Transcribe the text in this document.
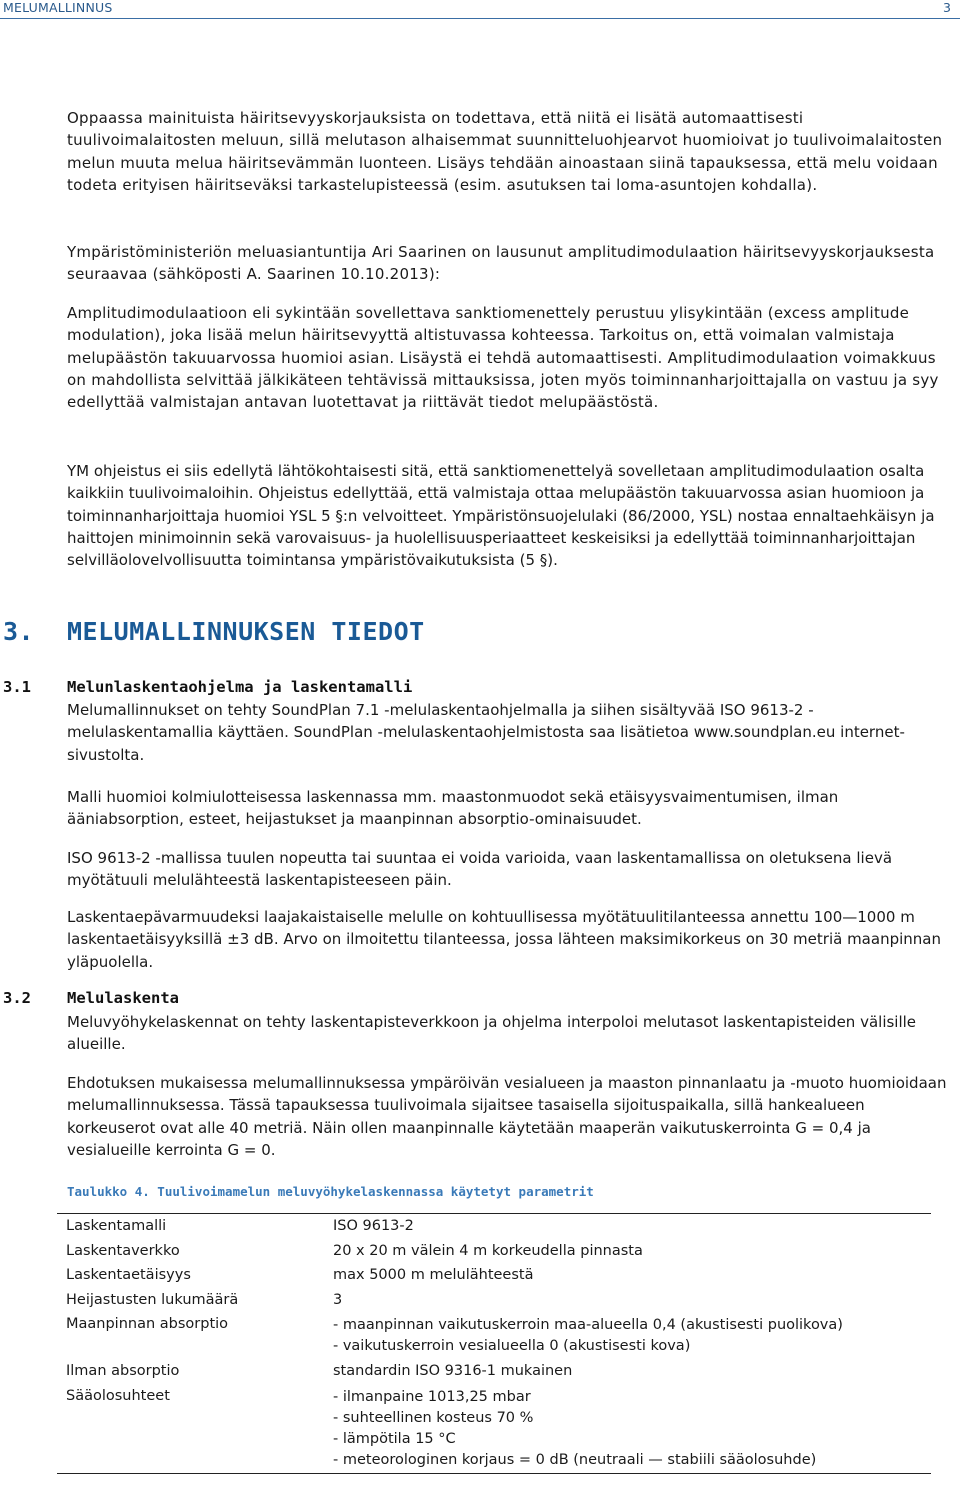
MELUMALLINNUS	3

Oppaassa mainituista häiritsevyyskorjauksista on todettava, että niitä ei lisätä automaattisesti tuulivoimalaitosten meluun, sillä melutason alhaisemmat suunnitteluohjearvot huomioivat jo tuulivoimalaitosten melun muuta melua häiritsevämmän luonteen. Lisäys tehdään ainoastaan siinä tapauksessa, että melu voidaan todeta erityisen häiritseväksi tarkastelupisteessä (esim. asutuksen tai loma-asuntojen kohdalla).

Ympäristöministeriön meluasiantuntija Ari Saarinen on lausunut amplitudimodulaation häiritsevyyskorjauksesta seuraavaa (sähköposti A. Saarinen 10.10.2013):

Amplitudimodulaatioon eli sykintään sovellettava sanktiomenettely perustuu ylisykintään (excess amplitude modulation), joka lisää melun häiritsevyyttä altistuvassa kohteessa. Tarkoitus on, että voimalan valmistaja melupäästön takuuarvossa huomioi asian. Lisäystä ei tehdä automaattisesti. Amplitudimodulaation voimakkuus on mahdollista selvittää jälkikäteen tehtävissä mittauksissa, joten myös toiminnanharjoittajalla on vastuu ja syy edellyttää valmistajan antavan luotettavat ja riittävät tiedot melupäästöstä.

YM ohjeistus ei siis edellytä lähtökohtaisesti sitä, että sanktiomenettelyä sovelletaan amplitudimodulaation osalta kaikkiin tuulivoimaloihin. Ohjeistus edellyttää, että valmistaja ottaa melupäästön takuuarvossa asian huomioon ja toiminnanharjoittaja huomioi YSL 5 §:n velvoitteet. Ympäristönsuojelulaki (86/2000, YSL) nostaa ennaltaehkäisyn ja haittojen minimoinnin sekä varovaisuus- ja huolellisuusperiaatteet keskeisiksi ja edellyttää toiminnanharjoittajan selvilläolovelvollisuutta toimintansa ympäristövaikutuksista (5 §).

3. MELUMALLINNUKSEN TIEDOT
3.1 Melunlaskentaohjelma ja laskentamalli

Melumallinnukset on tehty SoundPlan 7.1 -melulaskentaohjelmalla ja siihen sisältyvää ISO 9613-2 -melulaskentamallia käyttäen. SoundPlan -melulaskentaohjelmistosta saa lisätietoa www.soundplan.eu internet-sivustolta.

Malli huomioi kolmiulotteisessa laskennassa mm. maastonmuodot sekä etäisyysvaimentumisen, ilman ääniabsorption, esteet, heijastukset ja maanpinnan absorptio-ominaisuudet.

ISO 9613-2 -mallissa tuulen nopeutta tai suuntaa ei voida varioida, vaan laskentamallissa on oletuksena lievä myötätuuli melulähteestä laskentapisteeseen päin.

Laskentaepävarmuudeksi laajakaistaiselle melulle on kohtuullisessa myötätuulitilanteessa annettu 100—1000 m laskentaetäisyyksillä ±3 dB. Arvo on ilmoitettu tilanteessa, jossa lähteen maksimikorkeus on 30 metriä maanpinnan yläpuolella.

3.2 Melulaskenta

Meluvyöhykelaskennat on tehty laskentapisteverkkoon ja ohjelma interpoloi melutasot laskentapisteiden välisille alueille.

Ehdotuksen mukaisessa melumallinnuksessa ympäröivän vesialueen ja maaston pinnanlaatu ja -muoto huomioidaan melumallinnuksessa. Tässä tapauksessa tuulivoimala sijaitsee tasaisella sijoituspaikalla, sillä hankealueen korkeuserot ovat alle 40 metriä. Näin ollen maanpinnalle käytetään maaperän vaikutuskerrointa G = 0,4 ja vesialueille kerrointa G = 0.

Taulukko 4. Tuulivoimamelun meluvyöhykelaskennassa käytetyt parametrit

Laskentamalli	ISO 9613-2

Laskentaverkko	20 x 20 m välein 4 m korkeudella pinnasta

Laskentaetäisyys	max 5000 m melulähteestä

Heijastusten lukumäärä	3

Maanpinnan absorptio	- maanpinnan vaikutuskerroin maa-alueella 0,4 (akustisesti puolikova)
- vaikutuskerroin vesialueella 0 (akustisesti kova)

Ilman absorptio	standardin ISO 9316-1 mukainen

Sääolosuhteet	- ilmanpaine 1013,25 mbar
- suhteellinen kosteus 70 %
- lämpötila 15 °C
- meteorologinen korjaus = 0 dB (neutraali — stabiili sääolosuhde)
